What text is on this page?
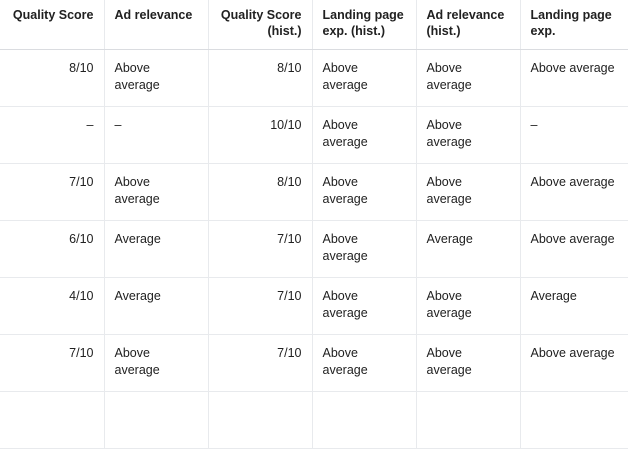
Quality Score	Ad relevance	Quality Score (hist.)	Landing page exp. (hist.)	Ad relevance (hist.)	Landing page exp.
8/10	Above average	8/10	Above average	Above average	Above average
–	–	10/10	Above average	Above average	–
7/10	Above average	8/10	Above average	Above average	Above average
6/10	Average	7/10	Above average	Average	Above average
4/10	Average	7/10	Above average	Above average	Average
7/10	Above average	7/10	Above average	Above average	Above average
